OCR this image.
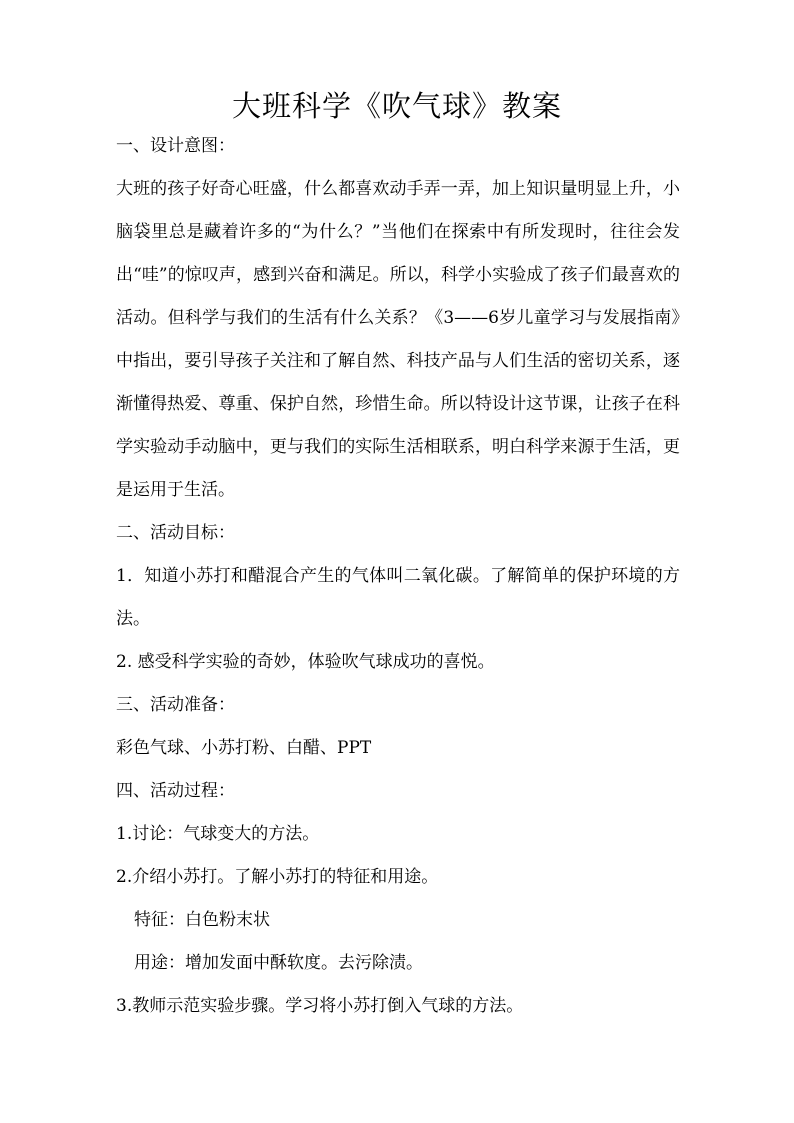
大班科学《吹气球》教案

一、设计意图：

大班的孩子好奇心旺盛，什么都喜欢动手弄一弄，加上知识量明显上升，小脑袋里总是藏着许多的“为什么？”当他们在探索中有所发现时，往往会发出“哇”的惊叹声，感到兴奋和满足。所以，科学小实验成了孩子们最喜欢的活动。但科学与我们的生活有什么关系？《3——6岁儿童学习与发展指南》中指出，要引导孩子关注和了解自然、科技产品与人们生活的密切关系，逐渐懂得热爱、尊重、保护自然，珍惜生命。所以特设计这节课，让孩子在科学实验动手动脑中，更与我们的实际生活相联系，明白科学来源于生活，更是运用于生活。

二、活动目标：

1．知道小苏打和醋混合产生的气体叫二氧化碳。了解简单的保护环境的方法。

2. 感受科学实验的奇妙，体验吹气球成功的喜悦。

三、活动准备：

彩色气球、小苏打粉、白醋、PPT

四、活动过程：

1.讨论：气球变大的方法。

2.介绍小苏打。了解小苏打的特征和用途。

特征：白色粉末状

用途：增加发面中酥软度。去污除渍。

3.教师示范实验步骤。学习将小苏打倒入气球的方法。
